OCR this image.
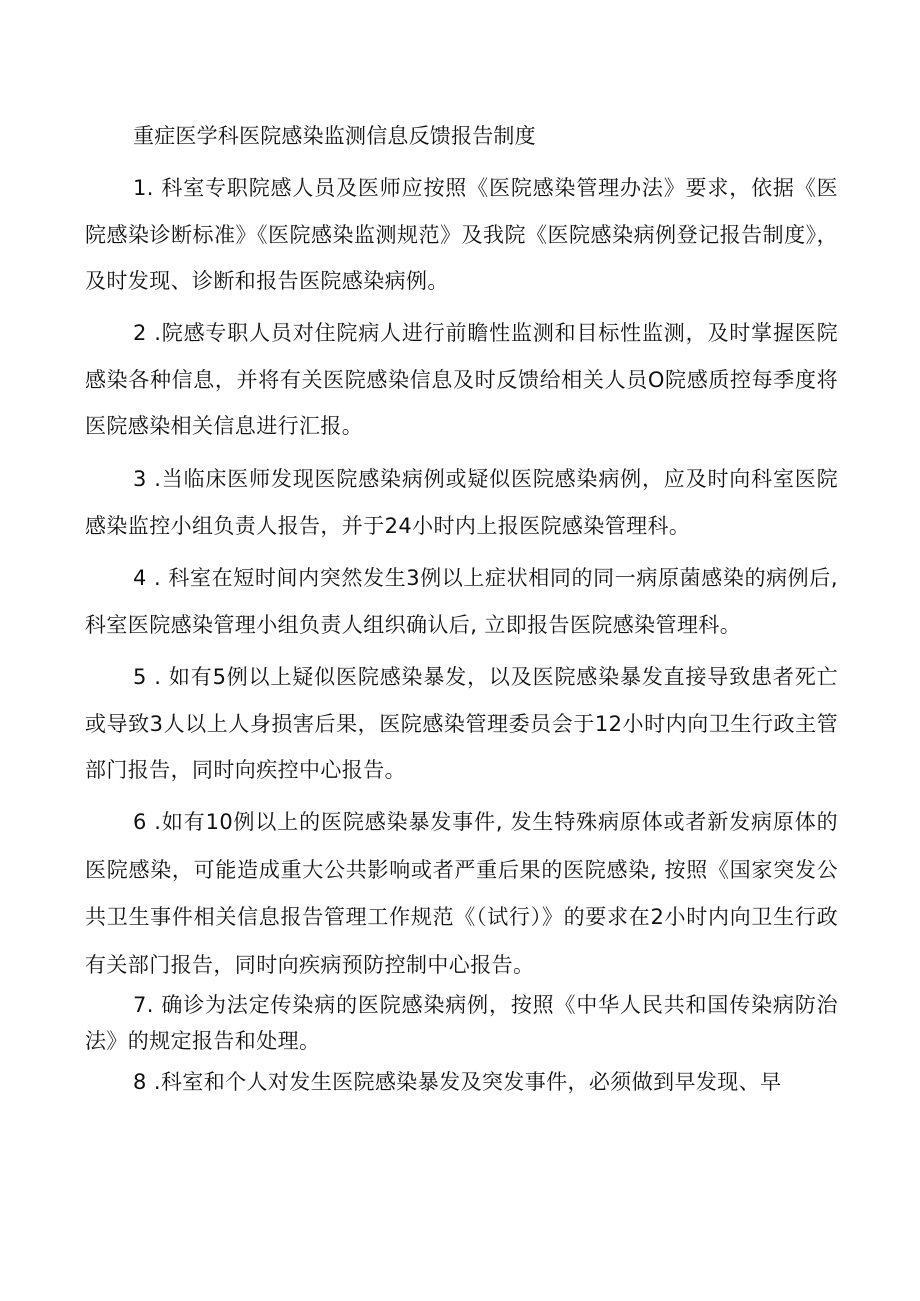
重症医学科医院感染监测信息反馈报告制度

1. 科室专职院感人员及医师应按照《医院感染管理办法》要求，依据《医院感染诊断标准》《医院感染监测规范》及我院《医院感染病例登记报告制度》，及时发现、诊断和报告医院感染病例。

2 .院感专职人员对住院病人进行前瞻性监测和目标性监测，及时掌握医院感染各种信息，并将有关医院感染信息及时反馈给相关人员O院感质控每季度将医院感染相关信息进行汇报。

3 .当临床医师发现医院感染病例或疑似医院感染病例，应及时向科室医院感染监控小组负责人报告，并于24小时内上报医院感染管理科。

4 . 科室在短时间内突然发生3例以上症状相同的同一病原菌感染的病例后, 科室医院感染管理小组负责人组织确认后, 立即报告医院感染管理科。

5 . 如有5例以上疑似医院感染暴发，以及医院感染暴发直接导致患者死亡或导致3人以上人身损害后果，医院感染管理委员会于12小时内向卫生行政主管部门报告，同时向疾控中心报告。

6 .如有10例以上的医院感染暴发事件, 发生特殊病原体或者新发病原体的医院感染，可能造成重大公共影响或者严重后果的医院感染, 按照《国家突发公共卫生事件相关信息报告管理工作规范《（试行）》的要求在2小时内向卫生行政有关部门报告，同时向疾病预防控制中心报告。

7. 确诊为法定传染病的医院感染病例，按照《中华人民共和国传染病防治法》的规定报告和处理。

8 .科室和个人对发生医院感染暴发及突发事件，必须做到早发现、早
